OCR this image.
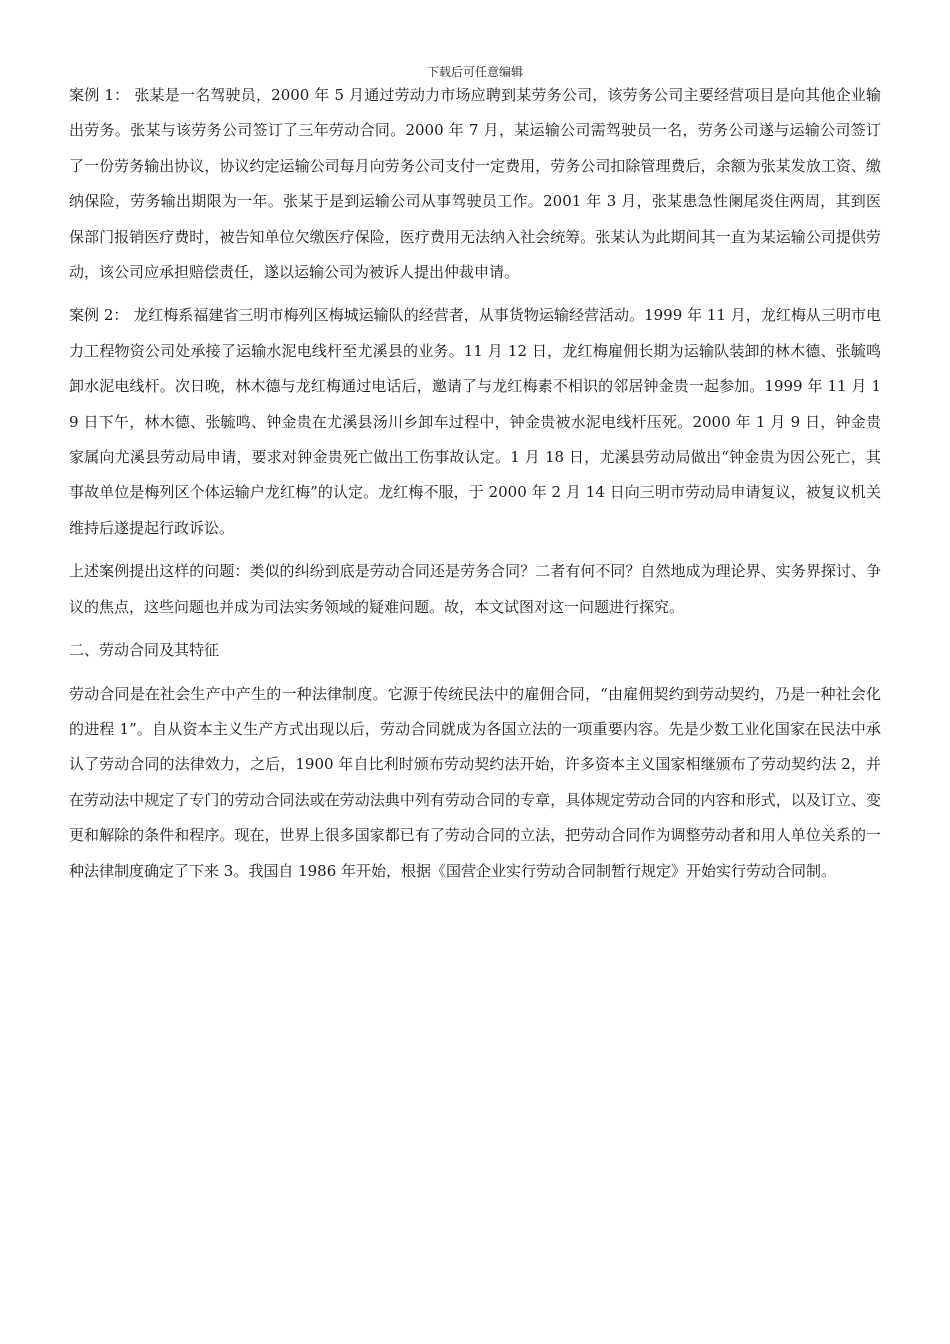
下载后可任意编辑

案例 1： 张某是一名驾驶员，2000 年 5 月通过劳动力市场应聘到某劳务公司，该劳务公司主要经营项目是向其他企业输出劳务。张某与该劳务公司签订了三年劳动合同。2000 年 7 月，某运输公司需驾驶员一名，劳务公司遂与运输公司签订了一份劳务输出协议，协议约定运输公司每月向劳务公司支付一定费用，劳务公司扣除管理费后，余额为张某发放工资、缴纳保险，劳务输出期限为一年。张某于是到运输公司从事驾驶员工作。2001 年 3 月，张某患急性阑尾炎住两周，其到医保部门报销医疗费时，被告知单位欠缴医疗保险，医疗费用无法纳入社会统筹。张某认为此期间其一直为某运输公司提供劳动，该公司应承担赔偿责任，遂以运输公司为被诉人提出仲裁申请。

案例 2： 龙红梅系福建省三明市梅列区梅城运输队的经营者，从事货物运输经营活动。1999 年 11 月，龙红梅从三明市电力工程物资公司处承接了运输水泥电线杆至尤溪县的业务。11 月 12 日，龙红梅雇佣长期为运输队装卸的林木德、张毓鸣卸水泥电线杆。次日晚，林木德与龙红梅通过电话后，邀请了与龙红梅素不相识的邻居钟金贵一起参加。1999 年 11 月 19 日下午，林木德、张毓鸣、钟金贵在尤溪县汤川乡卸车过程中，钟金贵被水泥电线杆压死。2000 年 1 月 9 日，钟金贵家属向尤溪县劳动局申请，要求对钟金贵死亡做出工伤事故认定。1 月 18 日，尤溪县劳动局做出“钟金贵为因公死亡，其事故单位是梅列区个体运输户龙红梅”的认定。龙红梅不服，于 2000 年 2 月 14 日向三明市劳动局申请复议，被复议机关维持后遂提起行政诉讼。

上述案例提出这样的问题：类似的纠纷到底是劳动合同还是劳务合同？二者有何不同？自然地成为理论界、实务界探讨、争议的焦点，这些问题也并成为司法实务领域的疑难问题。故，本文试图对这一问题进行探究。

二、劳动合同及其特征

劳动合同是在社会生产中产生的一种法律制度。它源于传统民法中的雇佣合同，“由雇佣契约到劳动契约，乃是一种社会化的进程 1”。自从资本主义生产方式出现以后，劳动合同就成为各国立法的一项重要内容。先是少数工业化国家在民法中承认了劳动合同的法律效力，之后，1900 年自比利时颁布劳动契约法开始，许多资本主义国家相继颁布了劳动契约法 2，并在劳动法中规定了专门的劳动合同法或在劳动法典中列有劳动合同的专章，具体规定劳动合同的内容和形式，以及订立、变更和解除的条件和程序。现在，世界上很多国家都已有了劳动合同的立法，把劳动合同作为调整劳动者和用人单位关系的一种法律制度确定了下来 3。我国自 1986 年开始，根据《国营企业实行劳动合同制暂行规定》开始实行劳动合同制。
